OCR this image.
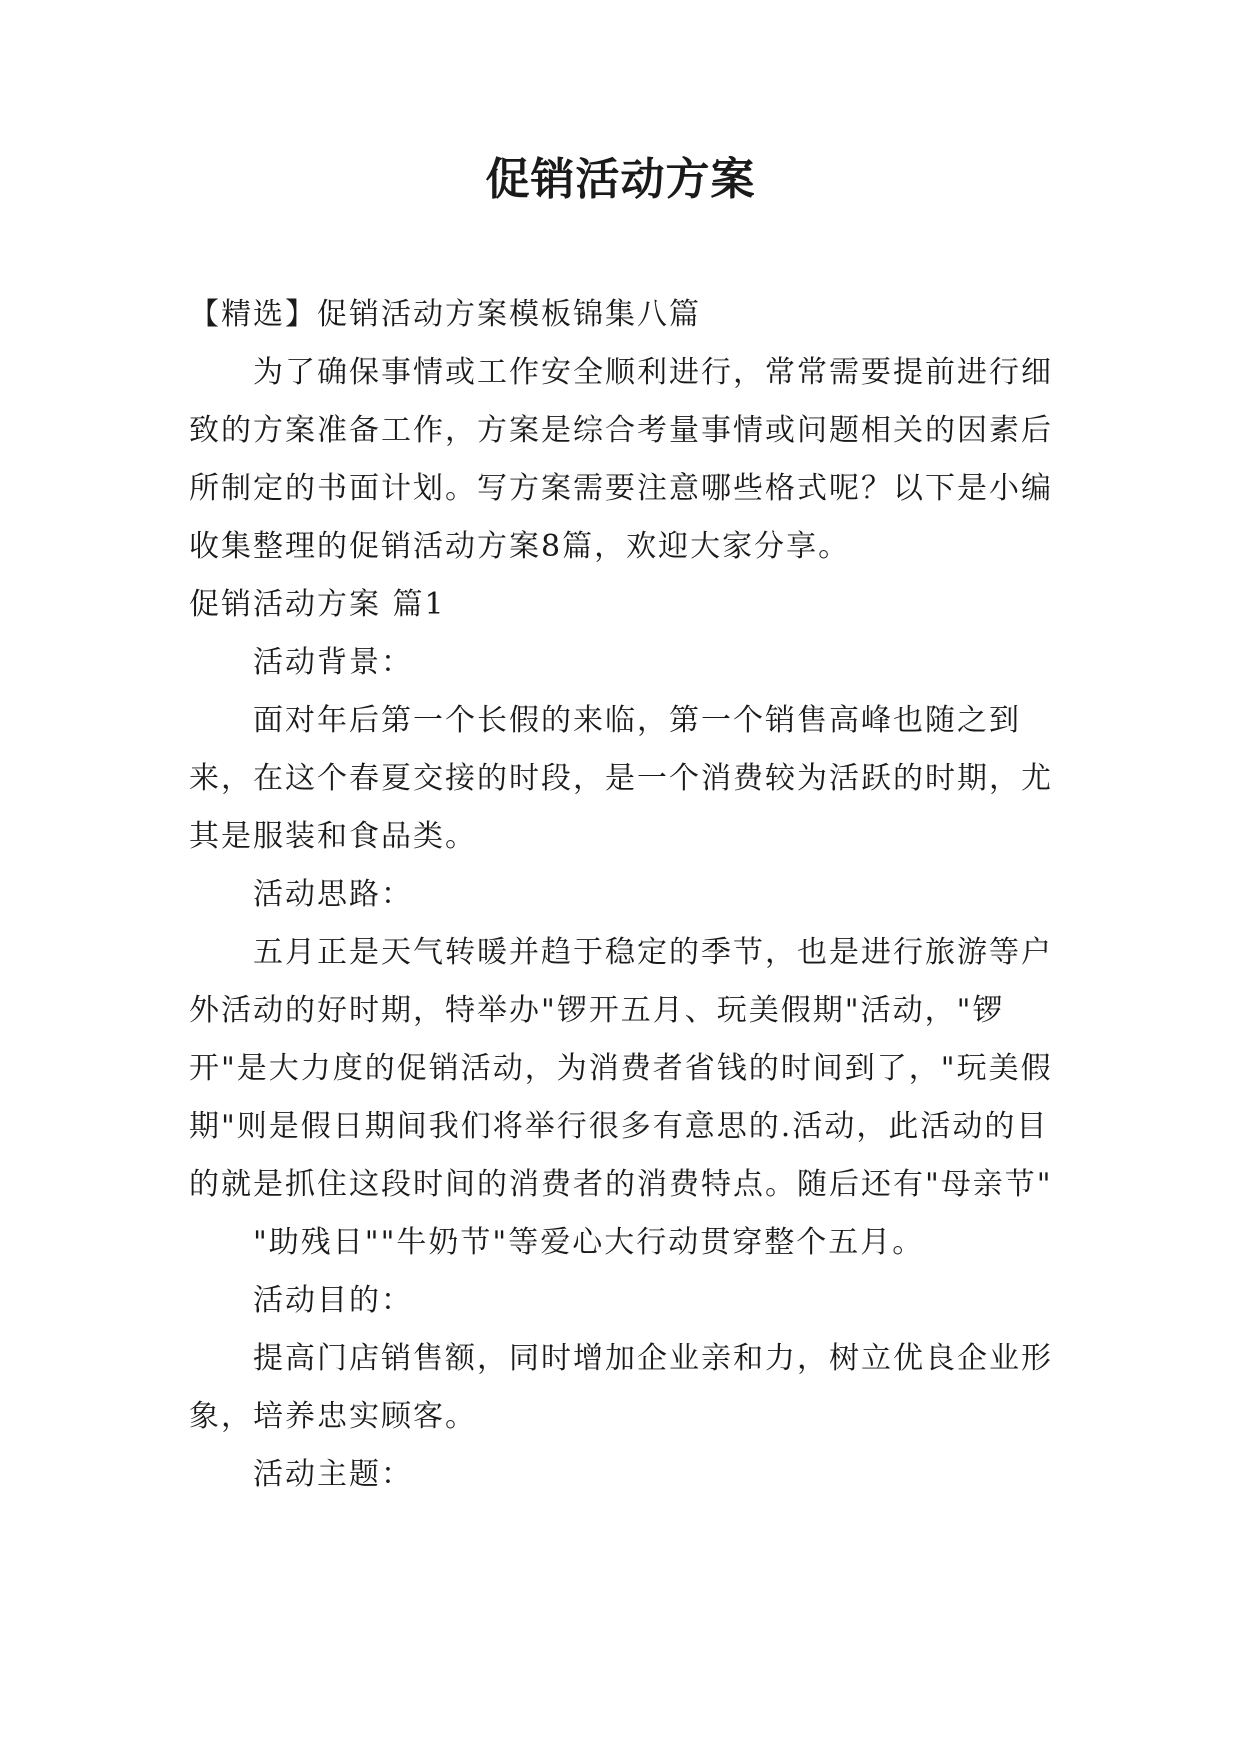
促销活动方案

【精选】促销活动方案模板锦集八篇

为了确保事情或工作安全顺利进行，常常需要提前进行细致的方案准备工作，方案是综合考量事情或问题相关的因素后所制定的书面计划。写方案需要注意哪些格式呢？以下是小编收集整理的促销活动方案8篇，欢迎大家分享。

促销活动方案 篇1

活动背景：

面对年后第一个长假的来临，第一个销售高峰也随之到来，在这个春夏交接的时段，是一个消费较为活跃的时期，尤其是服装和食品类。

活动思路：

五月正是天气转暖并趋于稳定的季节，也是进行旅游等户外活动的好时期，特举办"锣开五月、玩美假期"活动，"锣开"是大力度的促销活动，为消费者省钱的时间到了，"玩美假期"则是假日期间我们将举行很多有意思的.活动，此活动的目的就是抓住这段时间的消费者的消费特点。随后还有"母亲节"

"助残日""牛奶节"等爱心大行动贯穿整个五月。

活动目的：

提高门店销售额，同时增加企业亲和力，树立优良企业形象，培养忠实顾客。

活动主题：
